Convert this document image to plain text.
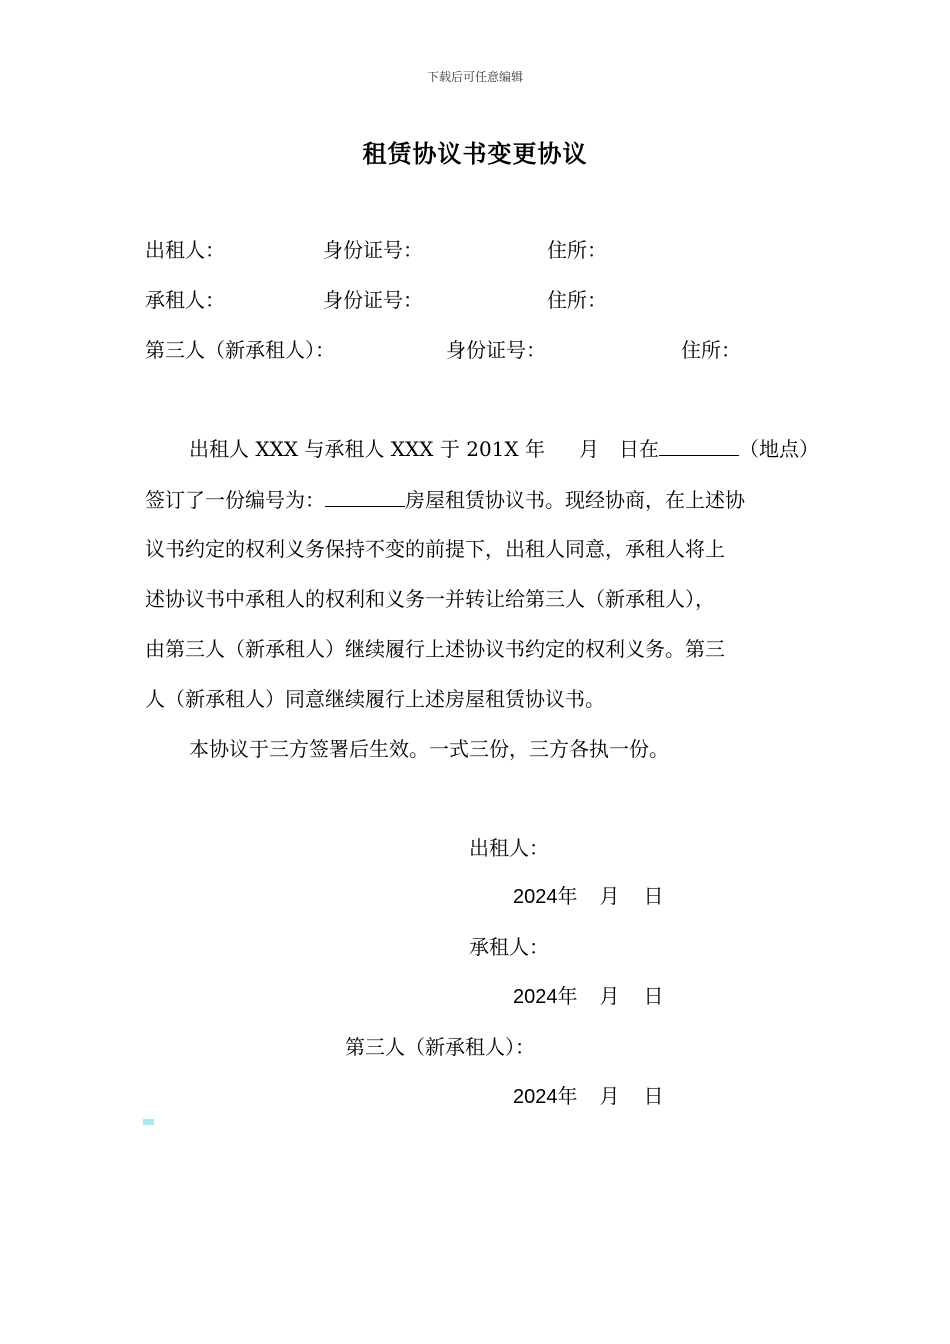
下载后可任意编辑
租赁协议书变更协议
出租人：	身份证号：	住所：
承租人：	身份证号：	住所：
第三人（新承租人）：	身份证号：	住所：
出租人 XXX 与承租人 XXX 于 201X 年 月 日在	（地点）
签订了一份编号为：	房屋租赁协议书。现经协商，在上述协
议书约定的权利义务保持不变的前提下，出租人同意，承租人将上
述协议书中承租人的权利和义务一并转让给第三人（新承租人），
由第三人（新承租人）继续履行上述协议书约定的权利义务。第三
人（新承租人）同意继续履行上述房屋租赁协议书。
本协议于三方签署后生效。一式三份，三方各执一份。
出租人：
2024年 月 日
承租人：
2024年 月 日
第三人（新承租人）：
2024年 月 日
